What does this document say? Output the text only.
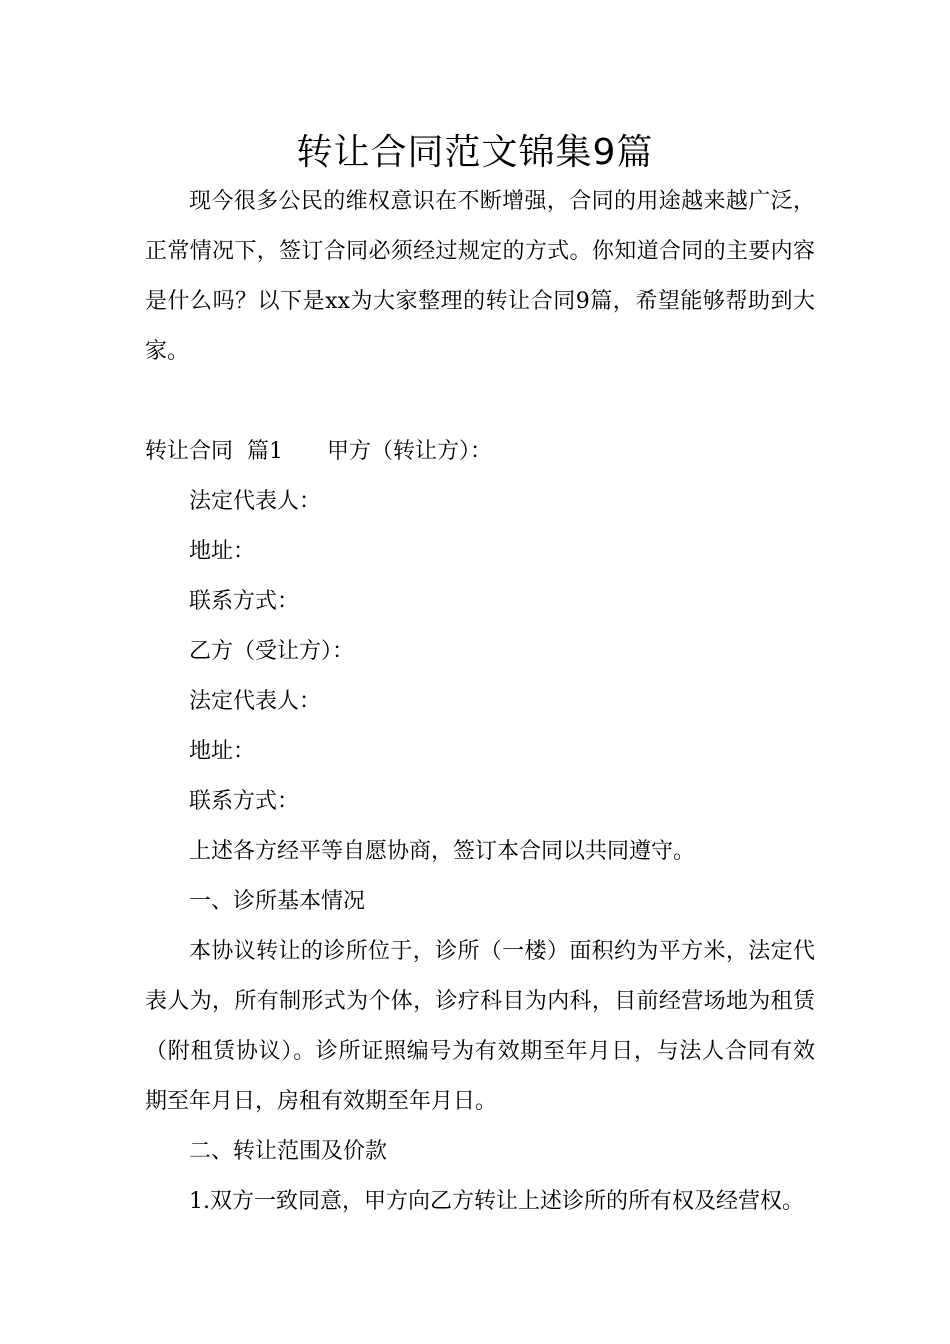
转让合同范文锦集9篇

现今很多公民的维权意识在不断增强，合同的用途越来越广泛，正常情况下，签订合同必须经过规定的方式。你知道合同的主要内容是什么吗？以下是xx为大家整理的转让合同9篇，希望能够帮助到大家。

转让合同  篇1 甲方（转让方）：

法定代表人：

地址：

联系方式：

乙方（受让方）：

法定代表人：

地址：

联系方式：

上述各方经平等自愿协商，签订本合同以共同遵守。

一、诊所基本情况

本协议转让的诊所位于，诊所（一楼）面积约为平方米，法定代表人为，所有制形式为个体，诊疗科目为内科，目前经营场地为租赁（附租赁协议）。诊所证照编号为有效期至年月日，与法人合同有效期至年月日，房租有效期至年月日。

二、转让范围及价款

1.双方一致同意，甲方向乙方转让上述诊所的所有权及经营权。
